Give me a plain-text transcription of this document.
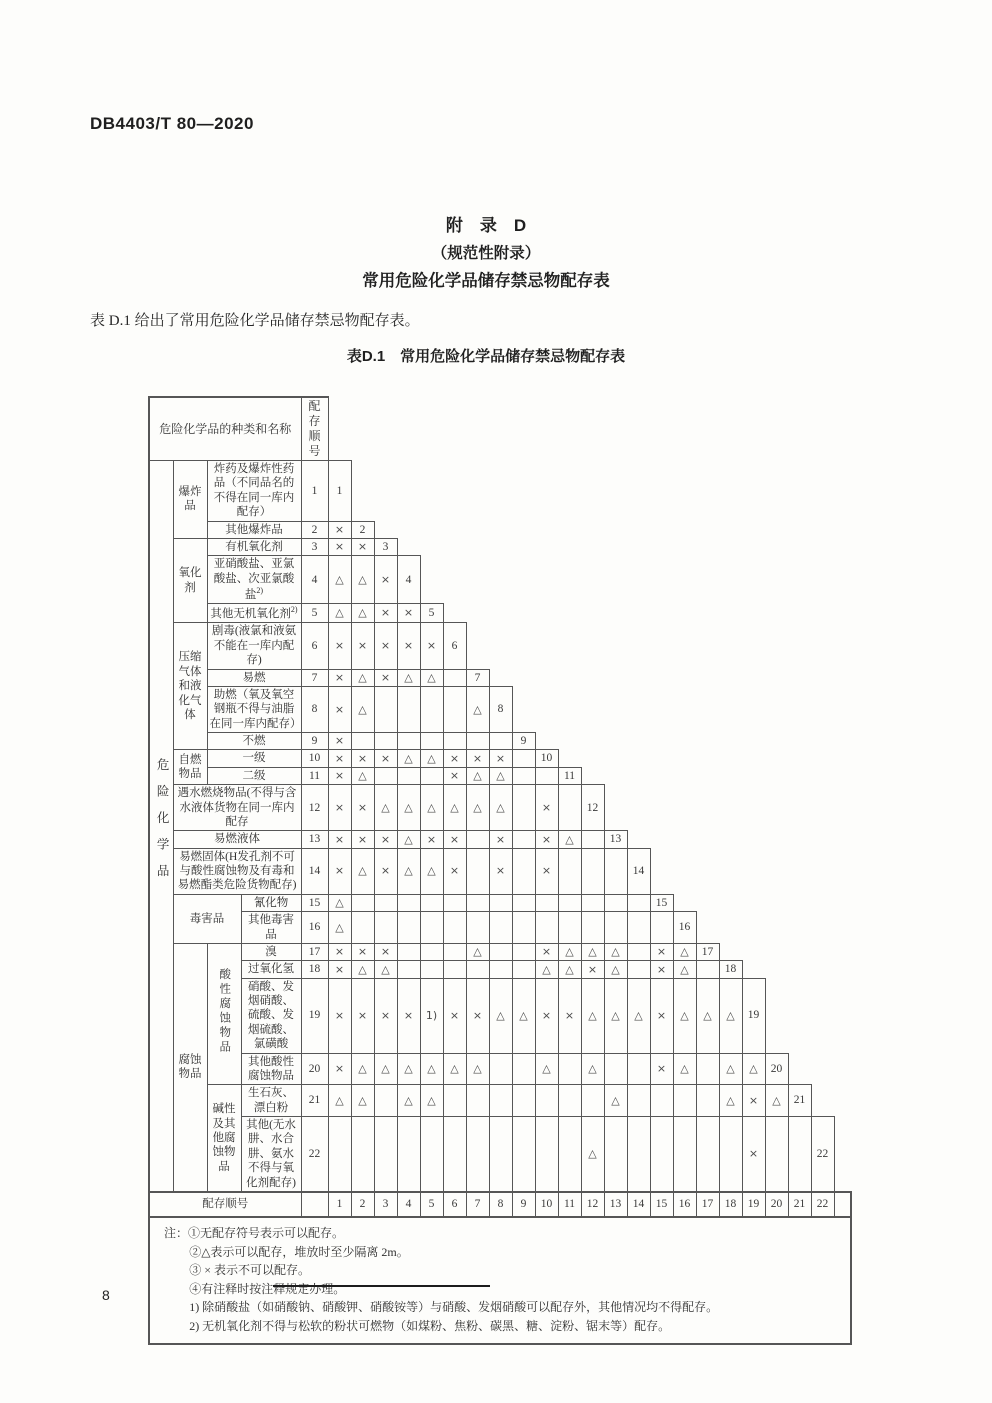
DB4403/T 80—2020
附　录　D
（规范性附录）
常用危险化学品储存禁忌物配存表
表 D.1 给出了常用危险化学品储存禁忌物配存表。
表D.1　常用危险化学品储存禁忌物配存表
危险化学品的种类和名称				配存顺号																							
危险化学品	爆炸品	炸药及爆炸性药品（不同品名的不得在同一库内配存）		1	1																						
		其他爆炸品		2	×	2																					
	氧化剂	有机氧化剂		3	×	×	3																				
		亚硝酸盐、亚氯酸盐、次亚氯酸盐$^{2)}$		4	△	△	×	4																			
		其他无机氧化剂$^{2)}$		5	△	△	×	×	5																		
	压缩气体和液化气体	剧毒(液氯和液氨不能在一库内配存)		6	×	×	×	×	×	6																	
		易燃		7	×	△	×	△	△		7																
		助燃（氧及氧空钢瓶不得与油脂在同一库内配存）		8	×	△					△	8															
		不燃		9	×								9														
	自燃物品	一级		10	×	×	×	△	△	×	×	×		10													
		二级		11	×	△				×	△	△			11												
	遇水燃烧物品(不得与含水液体货物在同一库内配存			12	×	×	△	△	△	△	△	△		×		12											
	易燃液体			13	×	×	×	△	×	×		×		×	△		13										
	易燃固体(H发孔剂不可与酸性腐蚀物及有毒和易燃酯类危险货物配存)			14	×	△	×	△	△	×		×		×				14									
	毒害品		氰化物	15	△														15								
			其他毒害品	16	△															16							
	腐蚀物品	酸性腐蚀物品	溴	17	×	×	×				△			×	△	△	△		×	△	17						
			过氧化氢	18	×	△	△							△	△	×	△		×	△		18					
			硝酸、发烟硝酸、硫酸、发烟硫酸、氯磺酸	19	×	×	×	×	1)	×	×	△	△	×	×	△	△	△	×	△	△	△	19				
			其他酸性腐蚀物品	20	×	△	△	△	△	△	△			△		△			×	△		△	△	20			
		碱性及其他腐蚀物品	生石灰、漂白粉	21	△	△		△	△								△					△	×	△	21		
			其他(无水肼、水合肼、氨水不得与氧化剂配存)	22												△							×			22	
配存顺号					1	2	3	4	5	6	7	8	9	10	11	12	13	14	15	16	17	18	19	20	21	22	

注：①无配存符号表示可以配存。
②△表示可以配存，堆放时至少隔离 2m。
③ × 表示不可以配存。
④有注释时按注释规定办理。
1) 除硝酸盐（如硝酸钠、硝酸钾、硝酸铵等）与硝酸、发烟硝酸可以配存外，其他情况均不得配存。
2) 无机氧化剂不得与松软的粉状可燃物（如煤粉、焦粉、碳黑、糖、淀粉、锯末等）配存。
8
